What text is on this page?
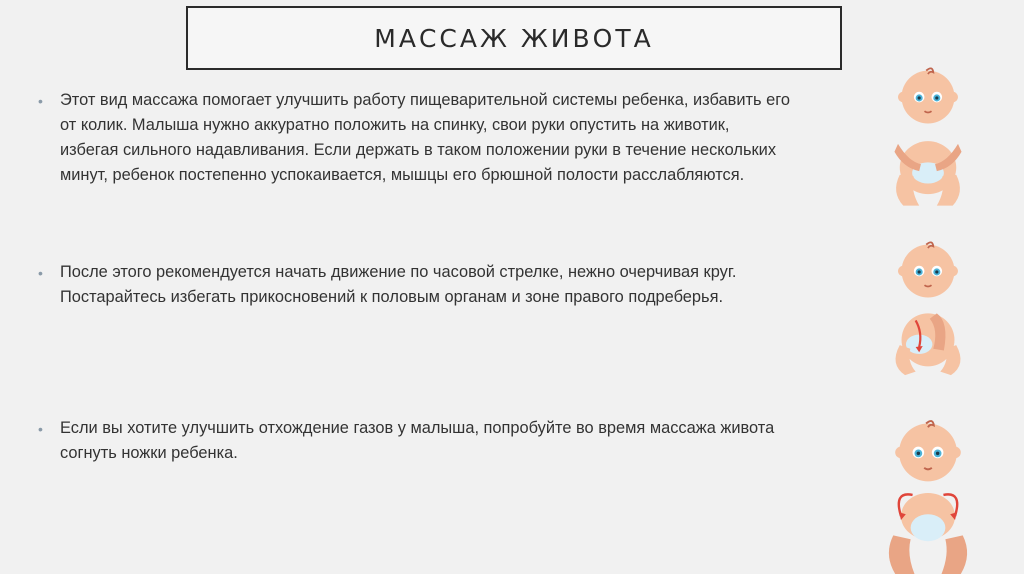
МАССАЖ ЖИВОТА
•	Этот вид массажа помогает улучшить работу пищеварительной системы ребенка, избавить его
от колик. Малыша нужно аккуратно положить на спинку, свои руки опустить на животик,
избегая сильного надавливания. Если держать в таком положении руки в течение нескольких
минут, ребенок постепенно успокаивается, мышцы его брюшной полости расслабляются.
•	После этого рекомендуется начать движение по часовой стрелке, нежно очерчивая круг.
Постарайтесь избегать прикосновений к половым органам и зоне правого подреберья.
•	Если вы хотите улучшить отхождение газов у малыша, попробуйте во время массажа живота
согнуть ножки ребенка.
